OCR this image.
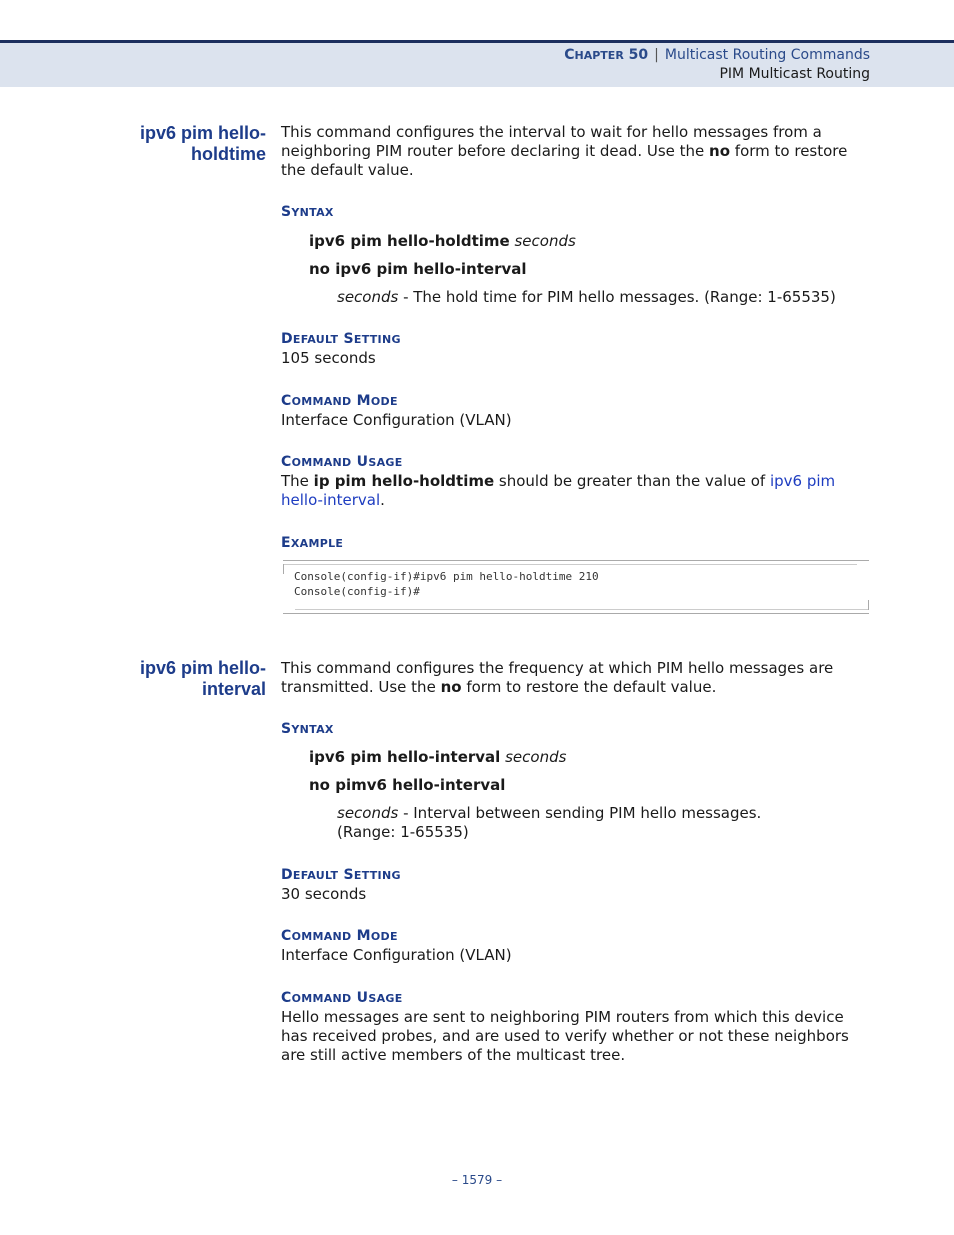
CHAPTER 50 | Multicast Routing Commands
PIM Multicast Routing
ipv6 pim hello-
holdtime
This command configures the interval to wait for hello messages from a neighboring PIM router before declaring it dead. Use the no form to restore the default value.
SYNTAX
ipv6 pim hello-holdtime seconds
no ipv6 pim hello-interval
seconds - The hold time for PIM hello messages. (Range: 1-65535)
DEFAULT SETTING
105 seconds
COMMAND MODE
Interface Configuration (VLAN)
COMMAND USAGE
The ip pim hello-holdtime should be greater than the value of ipv6 pim hello-interval.
EXAMPLE
Console(config-if)#ipv6 pim hello-holdtime 210
Console(config-if)#
ipv6 pim hello-
interval
This command configures the frequency at which PIM hello messages are transmitted. Use the no form to restore the default value.
SYNTAX
ipv6 pim hello-interval seconds
no pimv6 hello-interval
seconds - Interval between sending PIM hello messages.
(Range: 1-65535)
DEFAULT SETTING
30 seconds
COMMAND MODE
Interface Configuration (VLAN)
COMMAND USAGE
Hello messages are sent to neighboring PIM routers from which this device has received probes, and are used to verify whether or not these neighbors are still active members of the multicast tree.
– 1579 –
